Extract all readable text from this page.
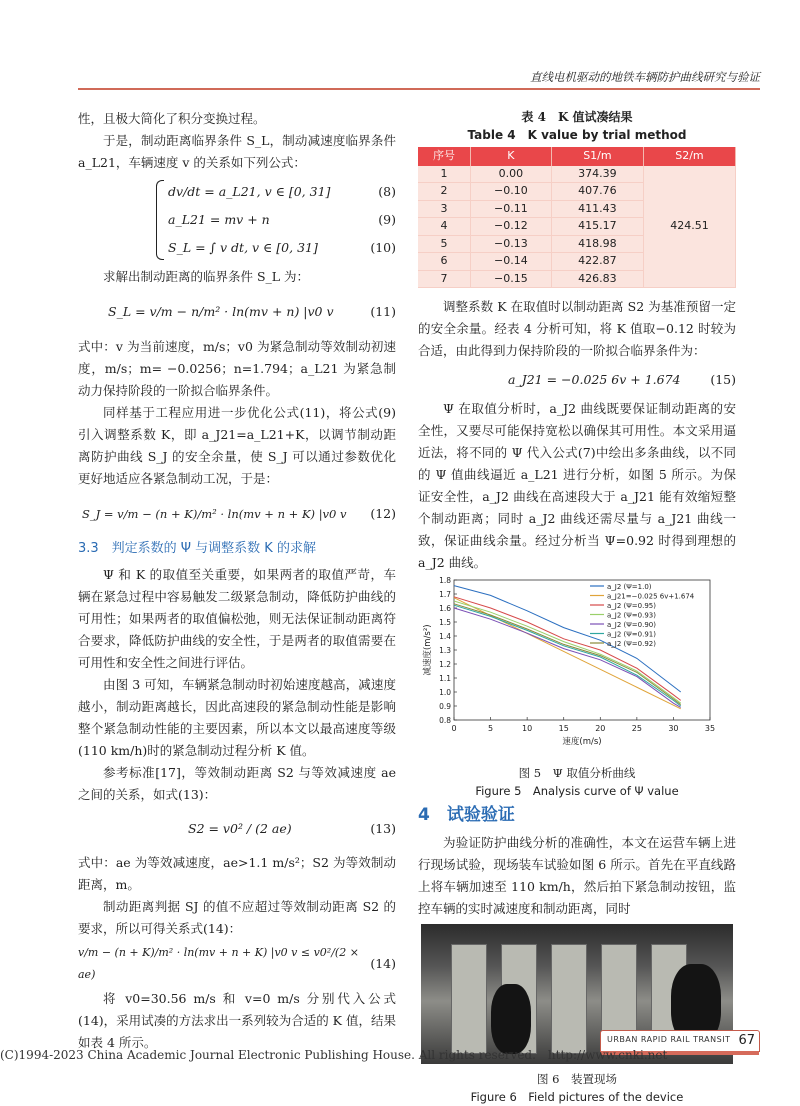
直线电机驱动的地铁车辆防护曲线研究与验证

性，且极大简化了积分变换过程。

于是，制动距离临界条件 S_L，制动减速度临界条件 a_L21，车辆速度 v 的关系如下列公式：

dv/dt = a_L21, v ∈ [0, 31]	(8)
a_L21 = mv + n	(9)
S_L = ∫ v dt, v ∈ [0, 31]	(10)

求解出制动距离的临界条件 S_L 为：

S_L = v/m − n/m² · ln(mv + n) |v0 v	(11)

式中：v 为当前速度，m/s；v0 为紧急制动等效制动初速度，m/s；m= −0.0256；n=1.794；a_L21 为紧急制动力保持阶段的一阶拟合临界条件。

同样基于工程应用进一步优化公式(11)，将公式(9)引入调整系数 K，即 a_J21=a_L21+K，以调节制动距离防护曲线 S_J 的安全余量，使 S_J 可以通过参数优化更好地适应各紧急制动工况，于是：

S_J = v/m − (n + K)/m² · ln(mv + n + K) |v0 v (12)
3.3　判定系数的 Ψ 与调整系数 K 的求解

Ψ 和 K 的取值至关重要，如果两者的取值严苛，车辆在紧急过程中容易触发二级紧急制动，降低防护曲线的可用性；如果两者的取值偏松弛，则无法保证制动距离符合要求，降低防护曲线的安全性，于是两者的取值需要在可用性和安全性之间进行评估。

由图 3 可知，车辆紧急制动时初始速度越高，减速度越小，制动距离越长，因此高速段的紧急制动性能是影响整个紧急制动性能的主要因素，所以本文以最高速度等级(110 km/h)时的紧急制动过程分析 K 值。

参考标准[17]，等效制动距离 S2 与等效减速度 ae 之间的关系，如式(13)：

S2 = v0² / (2 ae)	(13)

式中：ae 为等效减速度，ae>1.1 m/s²；S2 为等效制动距离，m。

制动距离判据 SJ 的值不应超过等效制动距离 S2 的要求，所以可得关系式(14)：

v/m − (n + K)/m² · ln(mv + n + K) |v0 v ≤ v0²/(2 × ae)
(14)

将 v0=30.56 m/s 和 v=0 m/s 分别代入公式(14)，采用试凑的方法求出一系列较为合适的 K 值，结果如表 4 所示。

表 4　K 值试凑结果
Table 4　K value by trial method
序号	K	S1/m	S2/m
1	0.00	374.39	424.51
2	−0.10	407.76	
3	−0.11	411.43	
4	−0.12	415.17	
5	−0.13	418.98	
6	−0.14	422.87	
7	−0.15	426.83	

调整系数 K 在取值时以制动距离 S2 为基准预留一定的安全余量。经表 4 分析可知，将 K 值取−0.12 时较为合适，由此得到力保持阶段的一阶拟合临界条件为：

a_J21 = −0.025 6v + 1.674 (15)

Ψ 在取值分析时，a_J2 曲线既要保证制动距离的安全性，又要尽可能保持宽松以确保其可用性。本文采用逼近法，将不同的 Ψ 代入公式(7)中绘出多条曲线，以不同的 Ψ 值曲线逼近 a_L21 进行分析，如图 5 所示。为保证安全性，a_J2 曲线在高速段大于 a_J21 能有效缩短整个制动距离；同时 a_J2 曲线还需尽量与 a_J21 曲线一致，保证曲线余量。经过分析当 Ψ=0.92 时得到理想的 a_J2 曲线。

0	5	10	15	20	25	30	35
0.8
0.9
1.0
1.1
1.2
1.3
1.4
1.5
1.6
1.7
1.8
速度(m/s)
减速度(m/s²)
a_J2 (Ψ=1.0)
a_J21=−0.025 6v+1.674
a_J2 (Ψ=0.95)
a_J2 (Ψ=0.93)
a_J2 (Ψ=0.90)
a_J2 (Ψ=0.91)
a_J2 (Ψ=0.92)
图 5　Ψ 取值分析曲线
Figure 5　Analysis curve of Ψ value
4　试验验证

为验证防护曲线分析的准确性，本文在运营车辆上进行现场试验，现场装车试验如图 6 所示。首先在平直线路上将车辆加速至 110 km/h，然后拍下紧急制动按钮，监控车辆的实时减速度和制动距离，同时

图 6　装置现场
Figure 6　Field pictures of the device
URBAN RAPID RAIL TRANSIT 67
(C)1994-2023 China Academic Journal Electronic Publishing House. All rights reserved.　http://www.cnki.net
